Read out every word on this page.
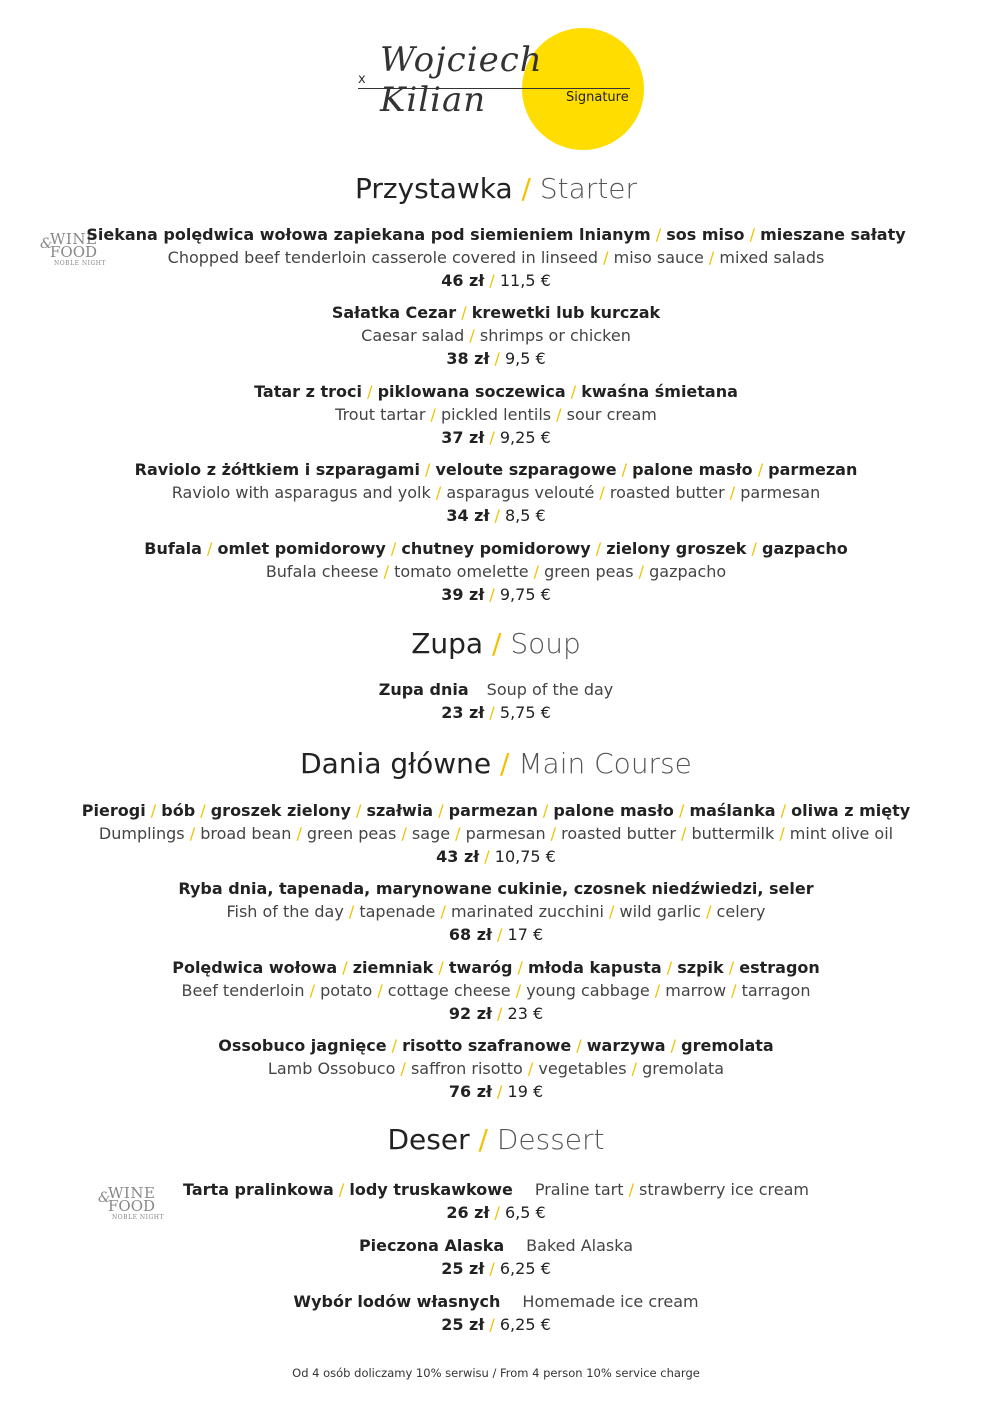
x Wojciech Kilian	Signature
Przystawka / Starter
WINE
&
FOOD
NOBLE NIGHT
Siekana polędwica wołowa zapiekana pod siemieniem lnianym / sos miso / mieszane sałaty
Chopped beef tenderloin casserole covered in linseed / miso sauce / mixed salads
46 zł / 11,5 €
Sałatka Cezar / krewetki lub kurczak
Caesar salad / shrimps or chicken
38 zł / 9,5 €
Tatar z troci / piklowana soczewica / kwaśna śmietana
Trout tartar / pickled lentils / sour cream
37 zł / 9,25 €
Raviolo z żółtkiem i szparagami / veloute szparagowe / palone masło / parmezan
Raviolo with asparagus and yolk / asparagus velouté / roasted butter / parmesan
34 zł / 8,5 €
Bufala / omlet pomidorowy / chutney pomidorowy / zielony groszek / gazpacho
Bufala cheese / tomato omelette / green peas / gazpacho
39 zł / 9,75 €
Zupa / Soup
Zupa dnia Soup of the day
23 zł / 5,75 €
Dania główne / Main Course
Pierogi / bób / groszek zielony / szałwia / parmezan / palone masło / maślanka / oliwa z mięty
Dumplings / broad bean / green peas / sage / parmesan / roasted butter / buttermilk / mint olive oil
43 zł / 10,75 €
Ryba dnia, tapenada, marynowane cukinie, czosnek niedźwiedzi, seler
Fish of the day / tapenade / marinated zucchini / wild garlic / celery
68 zł / 17 €
Polędwica wołowa / ziemniak / twaróg / młoda kapusta / szpik / estragon
Beef tenderloin / potato / cottage cheese / young cabbage / marrow / tarragon
92 zł / 23 €
Ossobuco jagnięce / risotto szafranowe / warzywa / gremolata
Lamb Ossobuco / saffron risotto / vegetables / gremolata
76 zł / 19 €
Deser / Dessert
WINE
&
FOOD
NOBLE NIGHT
Tarta pralinkowa / lody truskawkowe Praline tart / strawberry ice cream
26 zł / 6,5 €
Pieczona Alaska Baked Alaska
25 zł / 6,25 €
Wybór lodów własnych Homemade ice cream
25 zł / 6,25 €
Od 4 osób doliczamy 10% serwisu / From 4 person 10% service charge
